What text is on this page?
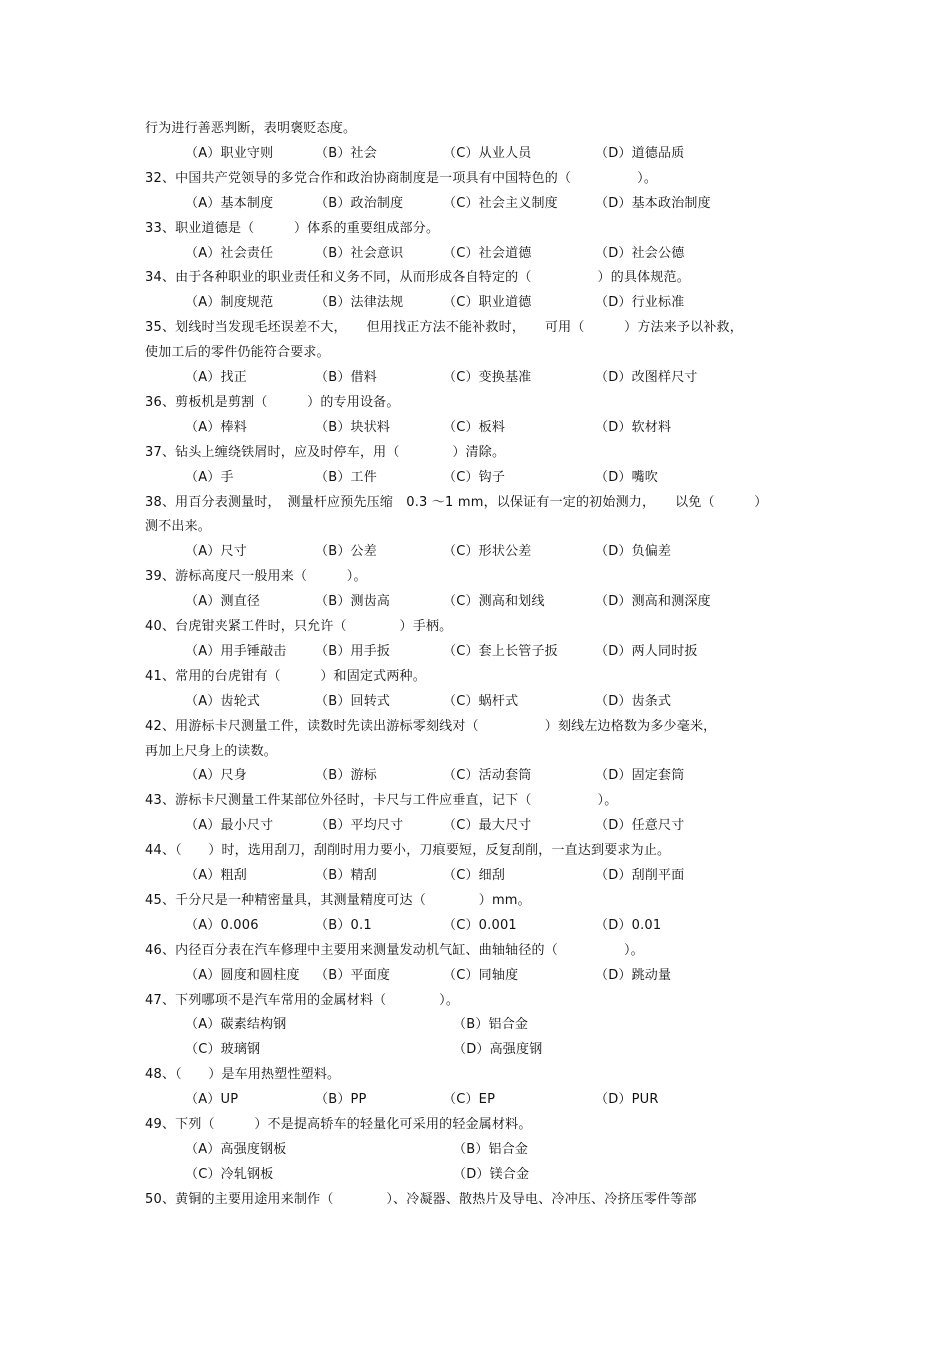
行为进行善恶判断，表明褒贬态度。
（A）职业守则	（B）社会	（C）从业人员	（D）道德品质
32、中国共产党领导的多党合作和政治协商制度是一项具有中国特色的（　　　　　）。
（A）基本制度	（B）政治制度	（C）社会主义制度	（D）基本政治制度
33、职业道德是（　　　）体系的重要组成部分。
（A）社会责任	（B）社会意识	（C）社会道德	（D）社会公德
34、由于各种职业的职业责任和义务不同，从而形成各自特定的（　　　　　）的具体规范。
（A）制度规范	（B）法律法规	（C）职业道德	（D）行业标准
35、划线时当发现毛坯误差不大，　　但用找正方法不能补救时，　　可用（　　　）方法来予以补救，
使加工后的零件仍能符合要求。
（A）找正	（B）借料	（C）变换基准	（D）改图样尺寸
36、剪板机是剪割（　　　）的专用设备。
（A）棒料	（B）块状料	（C）板料	（D）软材料
37、钻头上缠绕铁屑时，应及时停车，用（　　　　）清除。
（A）手	（B）工件	（C）钩子	（D）嘴吹
38、用百分表测量时，　测量杆应预先压缩　0.3 ～1 mm，以保证有一定的初始测力，　　以免（　　　）
测不出来。
（A）尺寸	（B）公差	（C）形状公差	（D）负偏差
39、游标高度尺一般用来（　　　）。
（A）测直径	（B）测齿高	（C）测高和划线	（D）测高和测深度
40、台虎钳夹紧工件时，只允许（　　　　）手柄。
（A）用手锤敲击 （B）用手扳	（C）套上长管子扳	（D）两人同时扳
41、常用的台虎钳有（　　　）和固定式两种。
（A）齿轮式	（B）回转式	（C）蜗杆式	（D）齿条式
42、用游标卡尺测量工件，读数时先读出游标零刻线对（　　　　　）刻线左边格数为多少毫米，
再加上尺身上的读数。
（A）尺身	（B）游标	（C）活动套筒	（D）固定套筒
43、游标卡尺测量工件某部位外径时，卡尺与工件应垂直，记下（　　　　　）。
（A）最小尺寸	（B）平均尺寸	（C）最大尺寸	（D）任意尺寸
44、（　　）时，选用刮刀，刮削时用力要小，刀痕要短，反复刮削，一直达到要求为止。
（A）粗刮	（B）精刮	（C）细刮	（D）刮削平面
45、千分尺是一种精密量具，其测量精度可达（　　　　）mm。
（A）0.006	（B）0.1	（C）0.001	（D）0.01
46、内径百分表在汽车修理中主要用来测量发动机气缸、曲轴轴径的（　　　　　）。
（A）圆度和圆柱度 （B）平面度	（C）同轴度	（D）跳动量
47、下列哪项不是汽车常用的金属材料（　　　　）。
（A）碳素结构钢	（B）铝合金
（C）玻璃钢	（D）高强度钢
48、（　　）是车用热塑性塑料。
（A）UP	（B）PP	（C）EP	（D）PUR
49、下列（　　　）不是提高轿车的轻量化可采用的轻金属材料。
（A）高强度钢板	（B）铝合金
（C）冷轧钢板	（D）镁合金
50、黄铜的主要用途用来制作（　　　　）、冷凝器、散热片及导电、冷冲压、冷挤压零件等部
